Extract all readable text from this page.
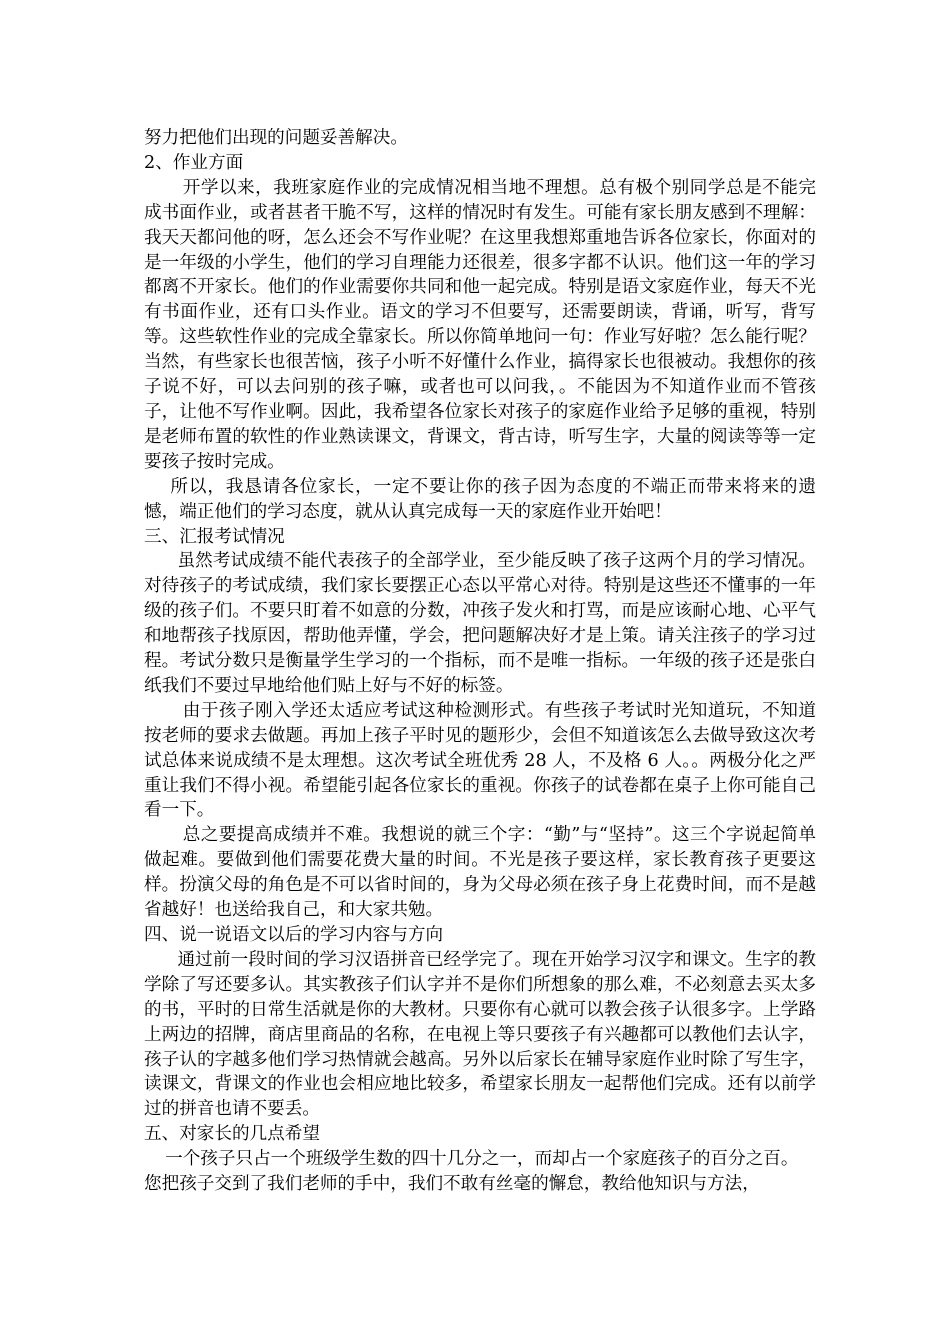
努力把他们出现的问题妥善解决。

2、作业方面

开学以来，我班家庭作业的完成情况相当地不理想。总有极个别同学总是不能完成书面作业，或者甚者干脆不写，这样的情况时有发生。可能有家长朋友感到不理解：我天天都问他的呀，怎么还会不写作业呢？在这里我想郑重地告诉各位家长，你面对的是一年级的小学生，他们的学习自理能力还很差，很多字都不认识。他们这一年的学习都离不开家长。他们的作业需要你共同和他一起完成。特别是语文家庭作业，每天不光有书面作业，还有口头作业。语文的学习不但要写，还需要朗读，背诵，听写，背写等。这些软性作业的完成全靠家长。所以你简单地问一句：作业写好啦？怎么能行呢？当然，有些家长也很苦恼，孩子小听不好懂什么作业，搞得家长也很被动。我想你的孩子说不好，可以去问别的孩子嘛，或者也可以问我，。不能因为不知道作业而不管孩子，让他不写作业啊。因此，我希望各位家长对孩子的家庭作业给予足够的重视，特别是老师布置的软性的作业熟读课文，背课文，背古诗，听写生字，大量的阅读等等一定要孩子按时完成。

所以，我恳请各位家长，一定不要让你的孩子因为态度的不端正而带来将来的遗憾，端正他们的学习态度，就从认真完成每一天的家庭作业开始吧！

三、汇报考试情况

虽然考试成绩不能代表孩子的全部学业，至少能反映了孩子这两个月的学习情况。对待孩子的考试成绩，我们家长要摆正心态以平常心对待。特别是这些还不懂事的一年级的孩子们。不要只盯着不如意的分数，冲孩子发火和打骂，而是应该耐心地、心平气和地帮孩子找原因，帮助他弄懂，学会，把问题解决好才是上策。请关注孩子的学习过程。考试分数只是衡量学生学习的一个指标，而不是唯一指标。一年级的孩子还是张白纸我们不要过早地给他们贴上好与不好的标签。

由于孩子刚入学还太适应考试这种检测形式。有些孩子考试时光知道玩，不知道按老师的要求去做题。再加上孩子平时见的题形少，会但不知道该怎么去做导致这次考试总体来说成绩不是太理想。这次考试全班优秀 28 人，不及格 6 人。。两极分化之严重让我们不得小视。希望能引起各位家长的重视。你孩子的试卷都在桌子上你可能自己看一下。

总之要提高成绩并不难。我想说的就三个字：“勤”与“坚持”。这三个字说起简单做起难。要做到他们需要花费大量的时间。不光是孩子要这样，家长教育孩子更要这样。扮演父母的角色是不可以省时间的，身为父母必须在孩子身上花费时间，而不是越省越好！也送给我自己，和大家共勉。

四、说一说语文以后的学习内容与方向

通过前一段时间的学习汉语拼音已经学完了。现在开始学习汉字和课文。生字的教学除了写还要多认。其实教孩子们认字并不是你们所想象的那么难，不必刻意去买太多的书，平时的日常生活就是你的大教材。只要你有心就可以教会孩子认很多字。上学路上两边的招牌，商店里商品的名称，在电视上等只要孩子有兴趣都可以教他们去认字，孩子认的字越多他们学习热情就会越高。另外以后家长在辅导家庭作业时除了写生字，读课文，背课文的作业也会相应地比较多，希望家长朋友一起帮他们完成。还有以前学过的拼音也请不要丢。

五、对家长的几点希望

一个孩子只占一个班级学生数的四十几分之一，而却占一个家庭孩子的百分之百。

您把孩子交到了我们老师的手中，我们不敢有丝毫的懈怠，教给他知识与方法，
